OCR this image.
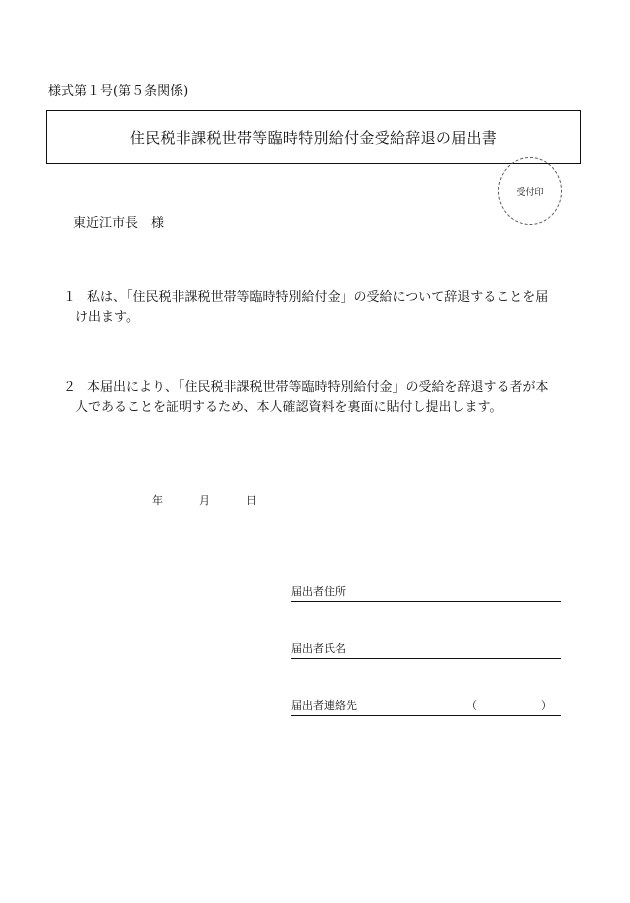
様式第１号(第５条関係)
住民税非課税世帯等臨時特別給付金受給辞退の届出書
受付印
東近江市長　様
１ 私は、「住民税非課税世帯等臨時特別給付金」の受給について辞退することを届
け出ます。
２ 本届出により、「住民税非課税世帯等臨時特別給付金」の受給を辞退する者が本
人であることを証明するため、本人確認資料を裏面に貼付し提出します。
年	月	日
届出者住所
届出者氏名
届出者連絡先	（	）
